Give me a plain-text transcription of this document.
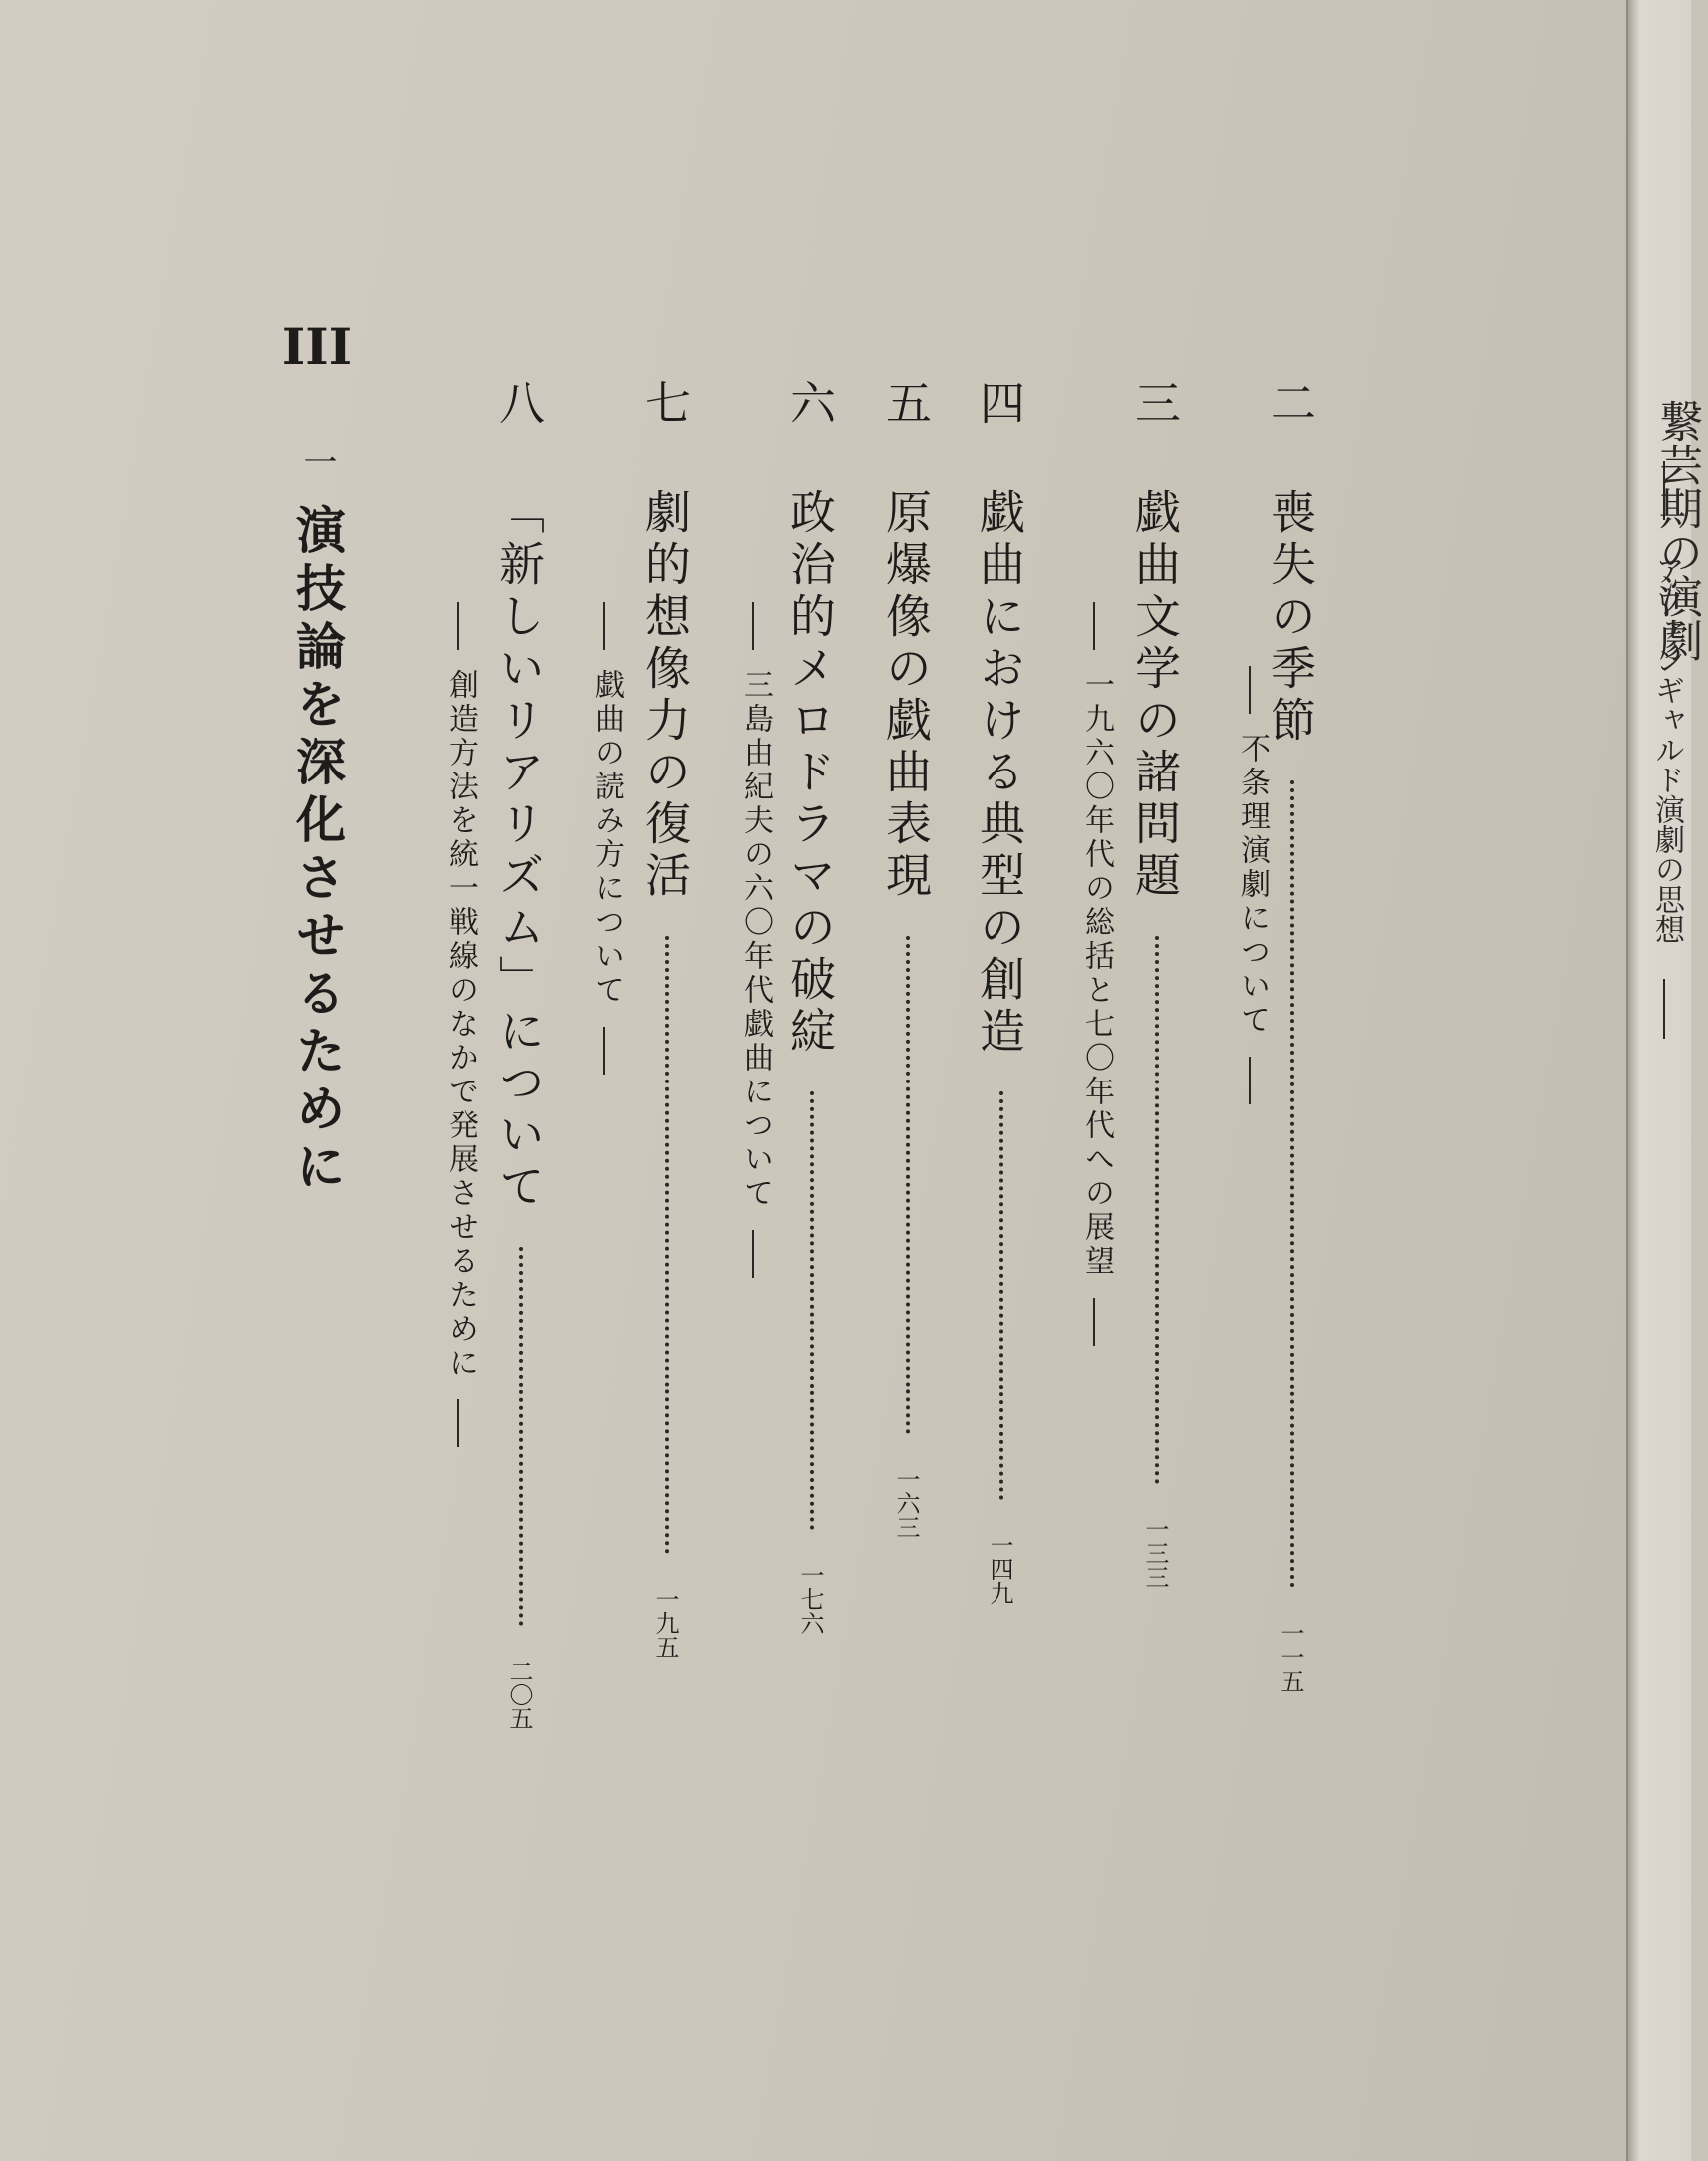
二  喪失の季節  一一五
不条理演劇について
三  戯曲文学の諸問題  一三三
一九六〇年代の総括と七〇年代への展望
四  戯曲における典型の創造  一四九
五  原爆像の戯曲表現  一六三
六  政治的メロドラマの破綻  一七六
三島由紀夫の六〇年代戯曲について
七  劇的想像力の復活  一九五
戯曲の読み方について
八  「新しいリアリズム」について  二〇五
創造方法を統一戦線のなかで発展させるために
III  一 演技論を深化させるために	繋芸期の演劇
アヴァンギャルド演劇の思想
